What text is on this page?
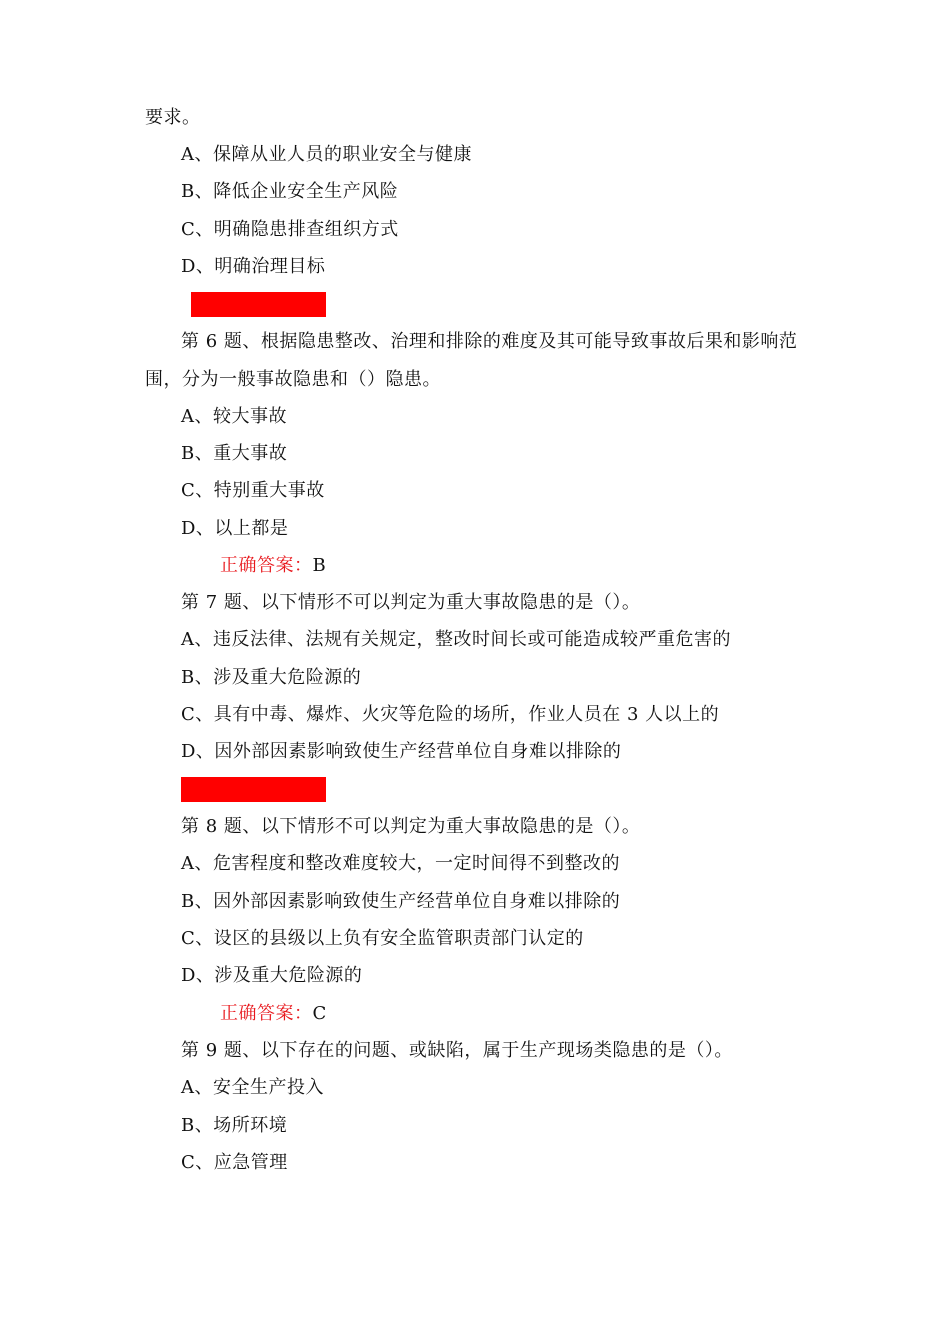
要求。
A、保障从业人员的职业安全与健康
B、降低企业安全生产风险
C、明确隐患排查组织方式
D、明确治理目标
第 6 题、根据隐患整改、治理和排除的难度及其可能导致事故后果和影响范
围，分为一般事故隐患和（）隐患。
A、较大事故
B、重大事故
C、特别重大事故
D、以上都是
正确答案：B
第 7 题、以下情形不可以判定为重大事故隐患的是（）。
A、违反法律、法规有关规定，整改时间长或可能造成较严重危害的
B、涉及重大危险源的
C、具有中毒、爆炸、火灾等危险的场所，作业人员在 3 人以上的
D、因外部因素影响致使生产经营单位自身难以排除的
第 8 题、以下情形不可以判定为重大事故隐患的是（）。
A、危害程度和整改难度较大，一定时间得不到整改的
B、因外部因素影响致使生产经营单位自身难以排除的
C、设区的县级以上负有安全监管职责部门认定的
D、涉及重大危险源的
正确答案：C
第 9 题、以下存在的问题、或缺陷，属于生产现场类隐患的是（）。
A、安全生产投入
B、场所环境
C、应急管理
